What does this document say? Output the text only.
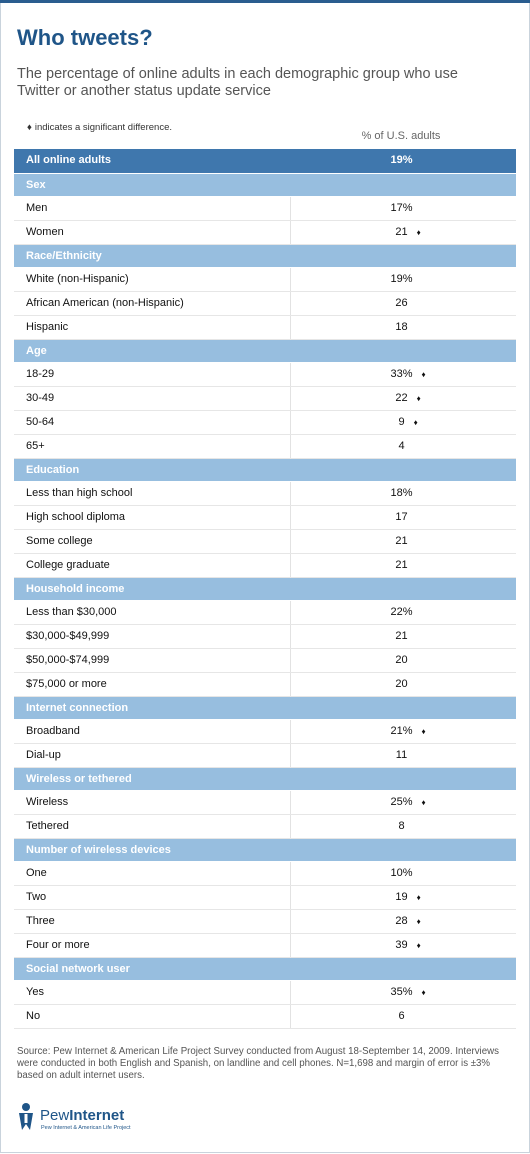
Who tweets?
The percentage of online adults in each demographic group who use Twitter or another status update service
♦ indicates a significant difference.
% of U.S. adults
All online adults	19%
Sex
Men	17%
Women	21 ♦
Race/Ethnicity
White (non-Hispanic)	19%
African American (non-Hispanic)	26
Hispanic	18
Age
18-29	33% ♦
30-49	22 ♦
50-64	9 ♦
65+	4
Education
Less than high school	18%
High school diploma	17
Some college	21
College graduate	21
Household income
Less than $30,000	22%
$30,000-$49,999	21
$50,000-$74,999	20
$75,000 or more	20
Internet connection
Broadband	21% ♦
Dial-up	11
Wireless or tethered
Wireless	25% ♦
Tethered	8
Number of wireless devices
One	10%
Two	19 ♦
Three	28 ♦
Four or more	39 ♦
Social network user
Yes	35% ♦
No	6
Source: Pew Internet & American Life Project Survey conducted from August 18-September 14, 2009. Interviews were conducted in both English and Spanish, on landline and cell phones. N=1,698 and margin of error is ±3% based on adult internet users.
PewInternet
Pew Internet & American Life Project
